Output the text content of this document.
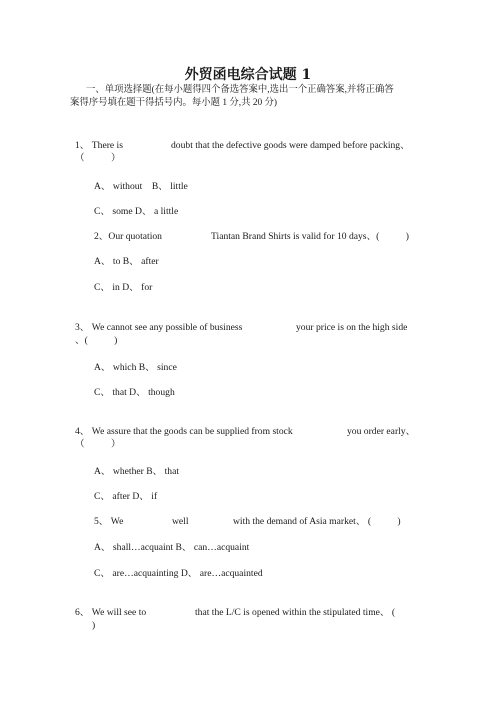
外贸函电综合试题 1
一、单项选择题(在每小题得四个备选答案中,选出一个正确答案,并将正确答
案得序号填在题干得括号内。每小题 1 分,共 20 分)
1、 There is	doubt that the defective goods were damped before packing、
（           ）
A、 without    B、 little
C、 some D、 a little
2、Our quotation	Tiantan Brand Shirts is valid for 10 days、(           )
A、 to B、 after
C、 in D、 for
3、 We cannot see any possible of business	your price is on the high side
、(           )
A、 which B、 since
C、 that D、 though
4、 We assure that the goods can be supplied from stock	you order early、
（           ）
A、 whether B、 that
C、 after D、 if
5、 We	well	with the demand of Asia market、 (           )
A、 shall…acquaint B、 can…acquaint
C、 are…acquainting D、 are…acquainted
6、 We will see to	that the L/C is opened within the stipulated time、 (
)
